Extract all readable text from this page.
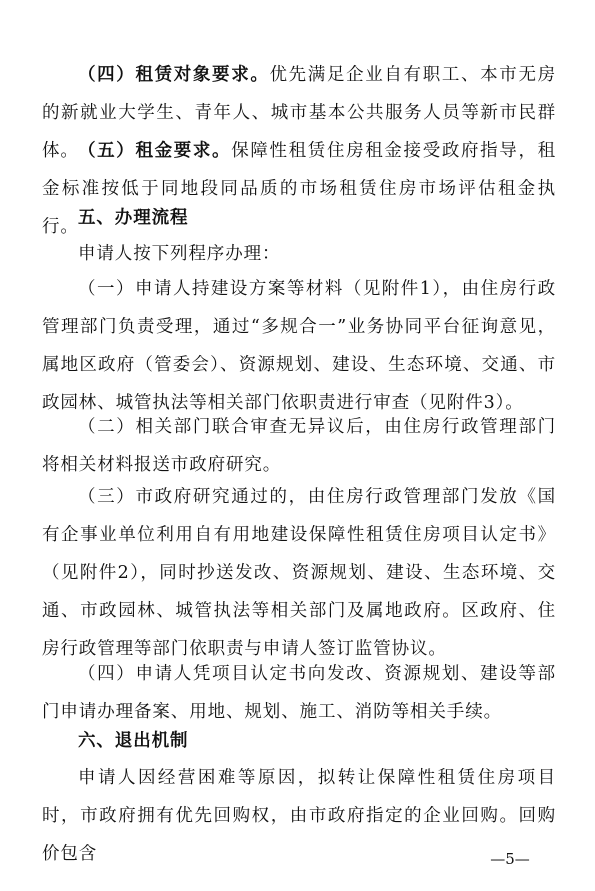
（四）租赁对象要求。优先满足企业自有职工、本市无房的新就业大学生、青年人、城市基本公共服务人员等新市民群体。 （五）租金要求。保障性租赁住房租金接受政府指导，租金标准按低于同地段同品质的市场租赁住房市场评估租金执行。 五、办理流程

申请人按下列程序办理：

（一）申请人持建设方案等材料（见附件1），由住房行政管理部门负责受理，通过“多规合一”业务协同平台征询意见，属地区政府（管委会）、资源规划、建设、生态环境、交通、市政园林、城管执法等相关部门依职责进行审查（见附件3）。

（二）相关部门联合审查无异议后，由住房行政管理部门将相关材料报送市政府研究。

（三）市政府研究通过的，由住房行政管理部门发放《国有企事业单位利用自有用地建设保障性租赁住房项目认定书》（见附件2），同时抄送发改、资源规划、建设、生态环境、交通、市政园林、城管执法等相关部门及属地政府。区政府、住房行政管理等部门依职责与申请人签订监管协议。

（四）申请人凭项目认定书向发改、资源规划、建设等部门申请办理备案、用地、规划、施工、消防等相关手续。

六、退出机制

申请人因经营困难等原因，拟转让保障性租赁住房项目时，市政府拥有优先回购权，由市政府指定的企业回购。回购价包含	—5—
